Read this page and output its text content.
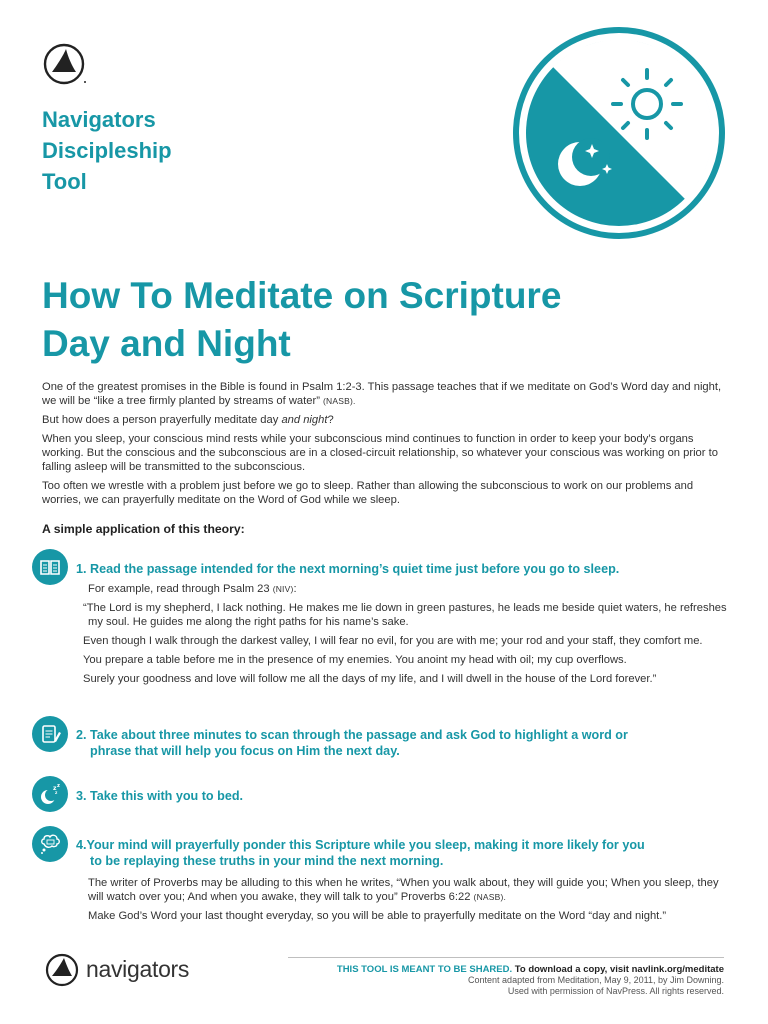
Navigators
Discipleship
Tool
How To Meditate on Scripture
Day and Night

One of the greatest promises in the Bible is found in Psalm 1:2-3. This passage teaches that if we meditate on God’s Word day and night, we will be “like a tree firmly planted by streams of water” (NASB).

But how does a person prayerfully meditate day and night?

When you sleep, your conscious mind rests while your subconscious mind continues to function in order to keep your body’s organs working. But the conscious and the subconscious are in a closed-circuit relationship, so whatever your conscious was working on prior to falling asleep will be transmitted to the subconscious.

Too often we wrestle with a problem just before we go to sleep. Rather than allowing the subconscious to work on our problems and worries, we can prayerfully meditate on the Word of God while we sleep.

A simple application of this theory:
1. Read the passage intended for the next morning’s quiet time just before you go to sleep.

For example, read through Psalm 23 (NIV):

“The Lord is my shepherd, I lack nothing. He makes me lie down in green pastures, he leads me beside quiet waters, he refreshes my soul. He guides me along the right paths for his name’s sake.

Even though I walk through the darkest valley, I will fear no evil, for you are with me; your rod and your staff, they comfort me.

You prepare a table before me in the presence of my enemies. You anoint my head with oil; my cup overflows.

Surely your goodness and love will follow me all the days of my life, and I will dwell in the house of the Lord forever.”

2. Take about three minutes to scan through the passage and ask God to highlight a word or
phrase that will help you focus on Him the next day.
z z
z 3. Take this with you to bed.
4.Your mind will prayerfully ponder this Scripture while you sleep, making it more likely for you
to be replaying these truths in your mind the next morning.

The writer of Proverbs may be alluding to this when he writes, “When you walk about, they will guide you; When you sleep, they will watch over you; And when you awake, they will talk to you” Proverbs 6:22 (NASB).

Make God’s Word your last thought everyday, so you will be able to prayerfully meditate on the Word “day and night.”

navigators	THIS TOOL IS MEANT TO BE SHARED. To download a copy, visit navlink.org/meditate
Content adapted from Meditation, May 9, 2011, by Jim Downing.
Used with permission of NavPress. All rights reserved.
